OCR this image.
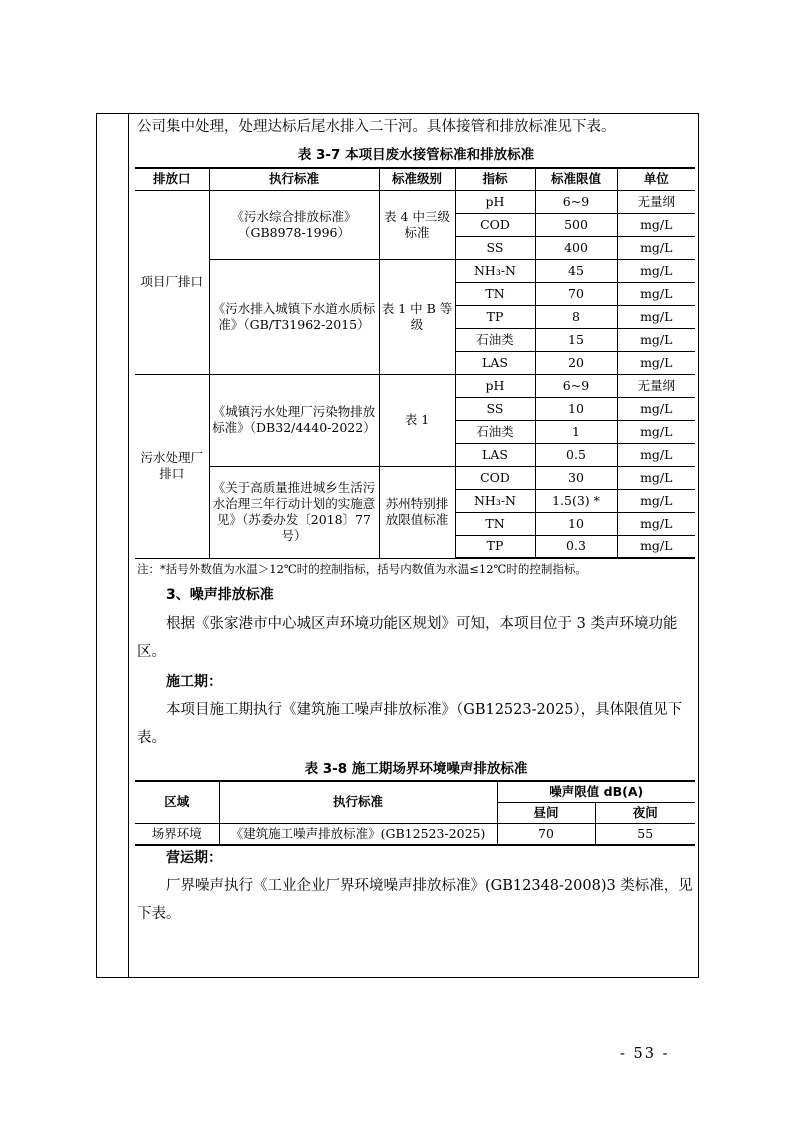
公司集中处理，处理达标后尾水排入二干河。具体接管和排放标准见下表。

表 3-7 本项目废水接管标准和排放标准

排放口	执行标准	标准级别	指标	标准限值	单位
项目厂排口	《污水综合排放标准》（GB8978-1996）	表 4 中三级标准	pH	6~9	无量纲
			COD	500	mg/L
			SS	400	mg/L
	《污水排入城镇下水道水质标准》（GB/T31962-2015）	表 1 中 B 等级	NH₃-N	45	mg/L
			TN	70	mg/L
			TP	8	mg/L
			石油类	15	mg/L
			LAS	20	mg/L
污水处理厂排口	《城镇污水处理厂污染物排放标准》（DB32/4440-2022）	表 1	pH	6~9	无量纲
			SS	10	mg/L
			石油类	1	mg/L
			LAS	0.5	mg/L
	《关于高质量推进城乡生活污水治理三年行动计划的实施意见》（苏委办发〔2018〕77 号）	苏州特别排放限值标准	COD	30	mg/L
			NH₃-N	1.5(3) *	mg/L
			TN	10	mg/L
			TP	0.3	mg/L

注：*括号外数值为水温＞12℃时的控制指标，括号内数值为水温≤12℃时的控制指标。

3、噪声排放标准

根据《张家港市中心城区声环境功能区规划》可知，本项目位于 3 类声环境功能区。

施工期：

本项目施工期执行《建筑施工噪声排放标准》（GB12523-2025），具体限值见下表。

表 3-8 施工期场界环境噪声排放标准

区域	执行标准	噪声限值 dB(A)	
		昼间	夜间
场界环境	《建筑施工噪声排放标准》(GB12523-2025)	70	55

营运期：

厂界噪声执行《工业企业厂界环境噪声排放标准》(GB12348-2008)3 类标准，见下表。

- 53 -
